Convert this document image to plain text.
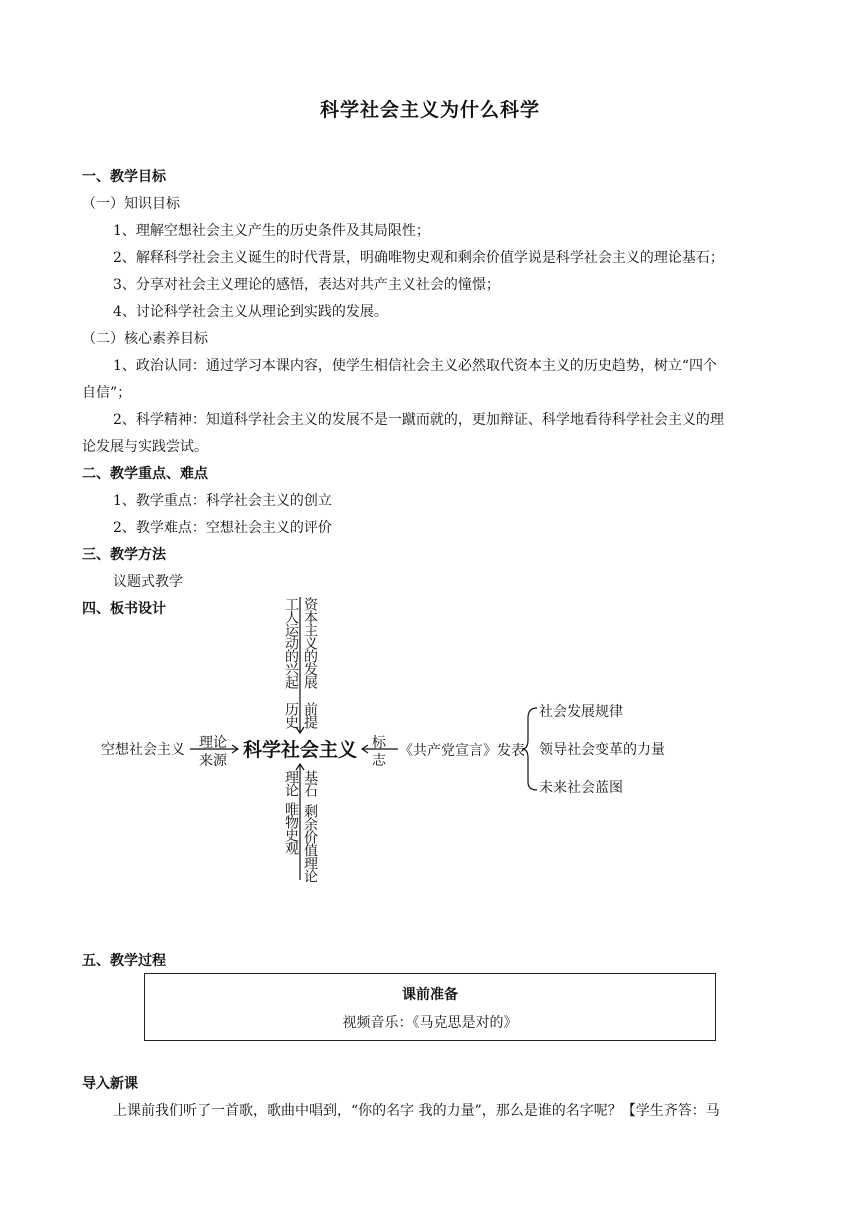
科学社会主义为什么科学
一、教学目标
（一）知识目标
1、理解空想社会主义产生的历史条件及其局限性；
2、解释科学社会主义诞生的时代背景，明确唯物史观和剩余价值学说是科学社会主义的理论基石；
3、分享对社会主义理论的感悟，表达对共产主义社会的憧憬；
4、讨论科学社会主义从理论到实践的发展。
（二）核心素养目标
1、政治认同：通过学习本课内容，使学生相信社会主义必然取代资本主义的历史趋势，树立“四个
自信”；
2、科学精神：知道科学社会主义的发展不是一蹴而就的，更加辩证、科学地看待科学社会主义的理
论发展与实践尝试。
二、教学重点、难点
1、教学重点：科学社会主义的创立
2、教学难点：空想社会主义的评价
三、教学方法
议题式教学
四、板书设计
空想社会主义 理论
来源 科学社会主义
工人运动的兴起
历史
资本主义的发展
前提
理论
唯物史观
基石
剩余价值理论
标
志
《共产党宣言》发表
社会发展规律
领导社会变革的力量
未来社会蓝图
五、教学过程
课前准备
视频音乐：《马克思是对的》
导入新课
上课前我们听了一首歌，歌曲中唱到，“你的名字 我的力量”，那么是谁的名字呢？【学生齐答：马
